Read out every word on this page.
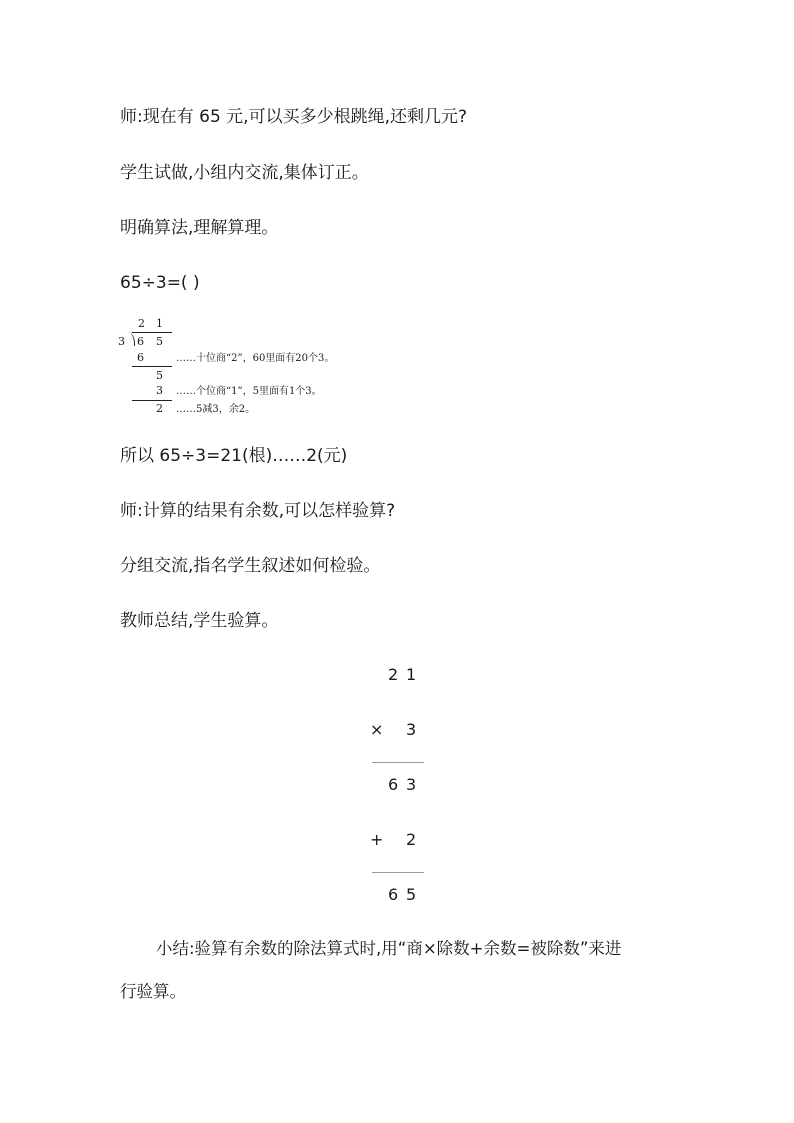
师:现在有 65 元,可以买多少根跳绳,还剩几元?
学生试做,小组内交流,集体订正。
明确算法,理解算理。
65÷3=( )
2 1
3 6 5
6	……十位商“2”，60里面有20个3。
5
3 ……个位商“1”，5里面有1个3。
2 ……5减3，余2。
所以 65÷3=21(根)……2(元)
师:计算的结果有余数,可以怎样验算?
分组交流,指名学生叙述如何检验。
教师总结,学生验算。
2 1
× 3
6 3
+ 2
6 5
小结:验算有余数的除法算式时,用“商×除数+余数=被除数”来进
行验算。
